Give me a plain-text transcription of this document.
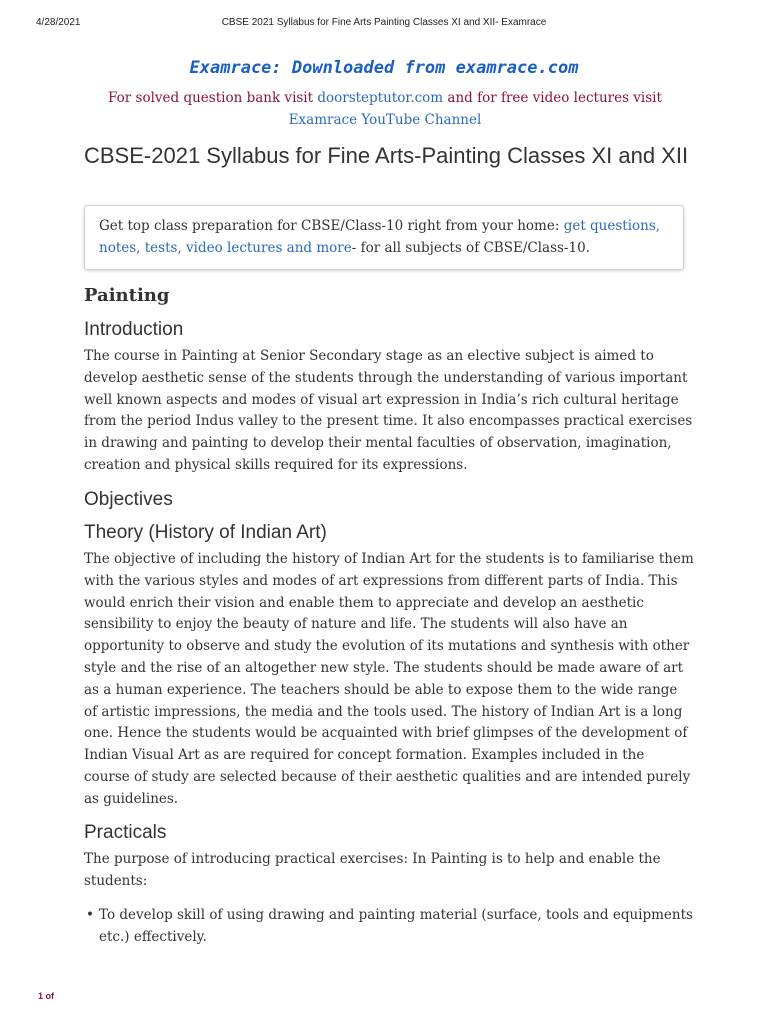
4/28/2021	CBSE 2021 Syllabus for Fine Arts Painting Classes XI and XII- Examrace
Examrace: Downloaded from examrace.com
For solved question bank visit doorsteptutor.com and for free video lectures visit
Examrace YouTube Channel
CBSE-2021 Syllabus for Fine Arts-Painting Classes XI and XII
Get top class preparation for CBSE/Class-10 right from your home: get questions, notes, tests, video lectures and more- for all subjects of CBSE/Class-10.
Painting
Introduction

The course in Painting at Senior Secondary stage as an elective subject is aimed to develop aesthetic sense of the students through the understanding of various important well known aspects and modes of visual art expression in India’s rich cultural heritage from the period Indus valley to the present time. It also encompasses practical exercises in drawing and painting to develop their mental faculties of observation, imagination, creation and physical skills required for its expressions.

Objectives
Theory (History of Indian Art)

The objective of including the history of Indian Art for the students is to familiarise them with the various styles and modes of art expressions from different parts of India. This would enrich their vision and enable them to appreciate and develop an aesthetic sensibility to enjoy the beauty of nature and life. The students will also have an opportunity to observe and study the evolution of its mutations and synthesis with other style and the rise of an altogether new style. The students should be made aware of art as a human experience. The teachers should be able to expose them to the wide range of artistic impressions, the media and the tools used. The history of Indian Art is a long one. Hence the students would be acquainted with brief glimpses of the development of Indian Visual Art as are required for concept formation. Examples included in the course of study are selected because of their aesthetic qualities and are intended purely as guidelines.

Practicals

The purpose of introducing practical exercises: In Painting is to help and enable the students:

• To develop skill of using drawing and painting material (surface, tools and equipments etc.) effectively.
1 of
